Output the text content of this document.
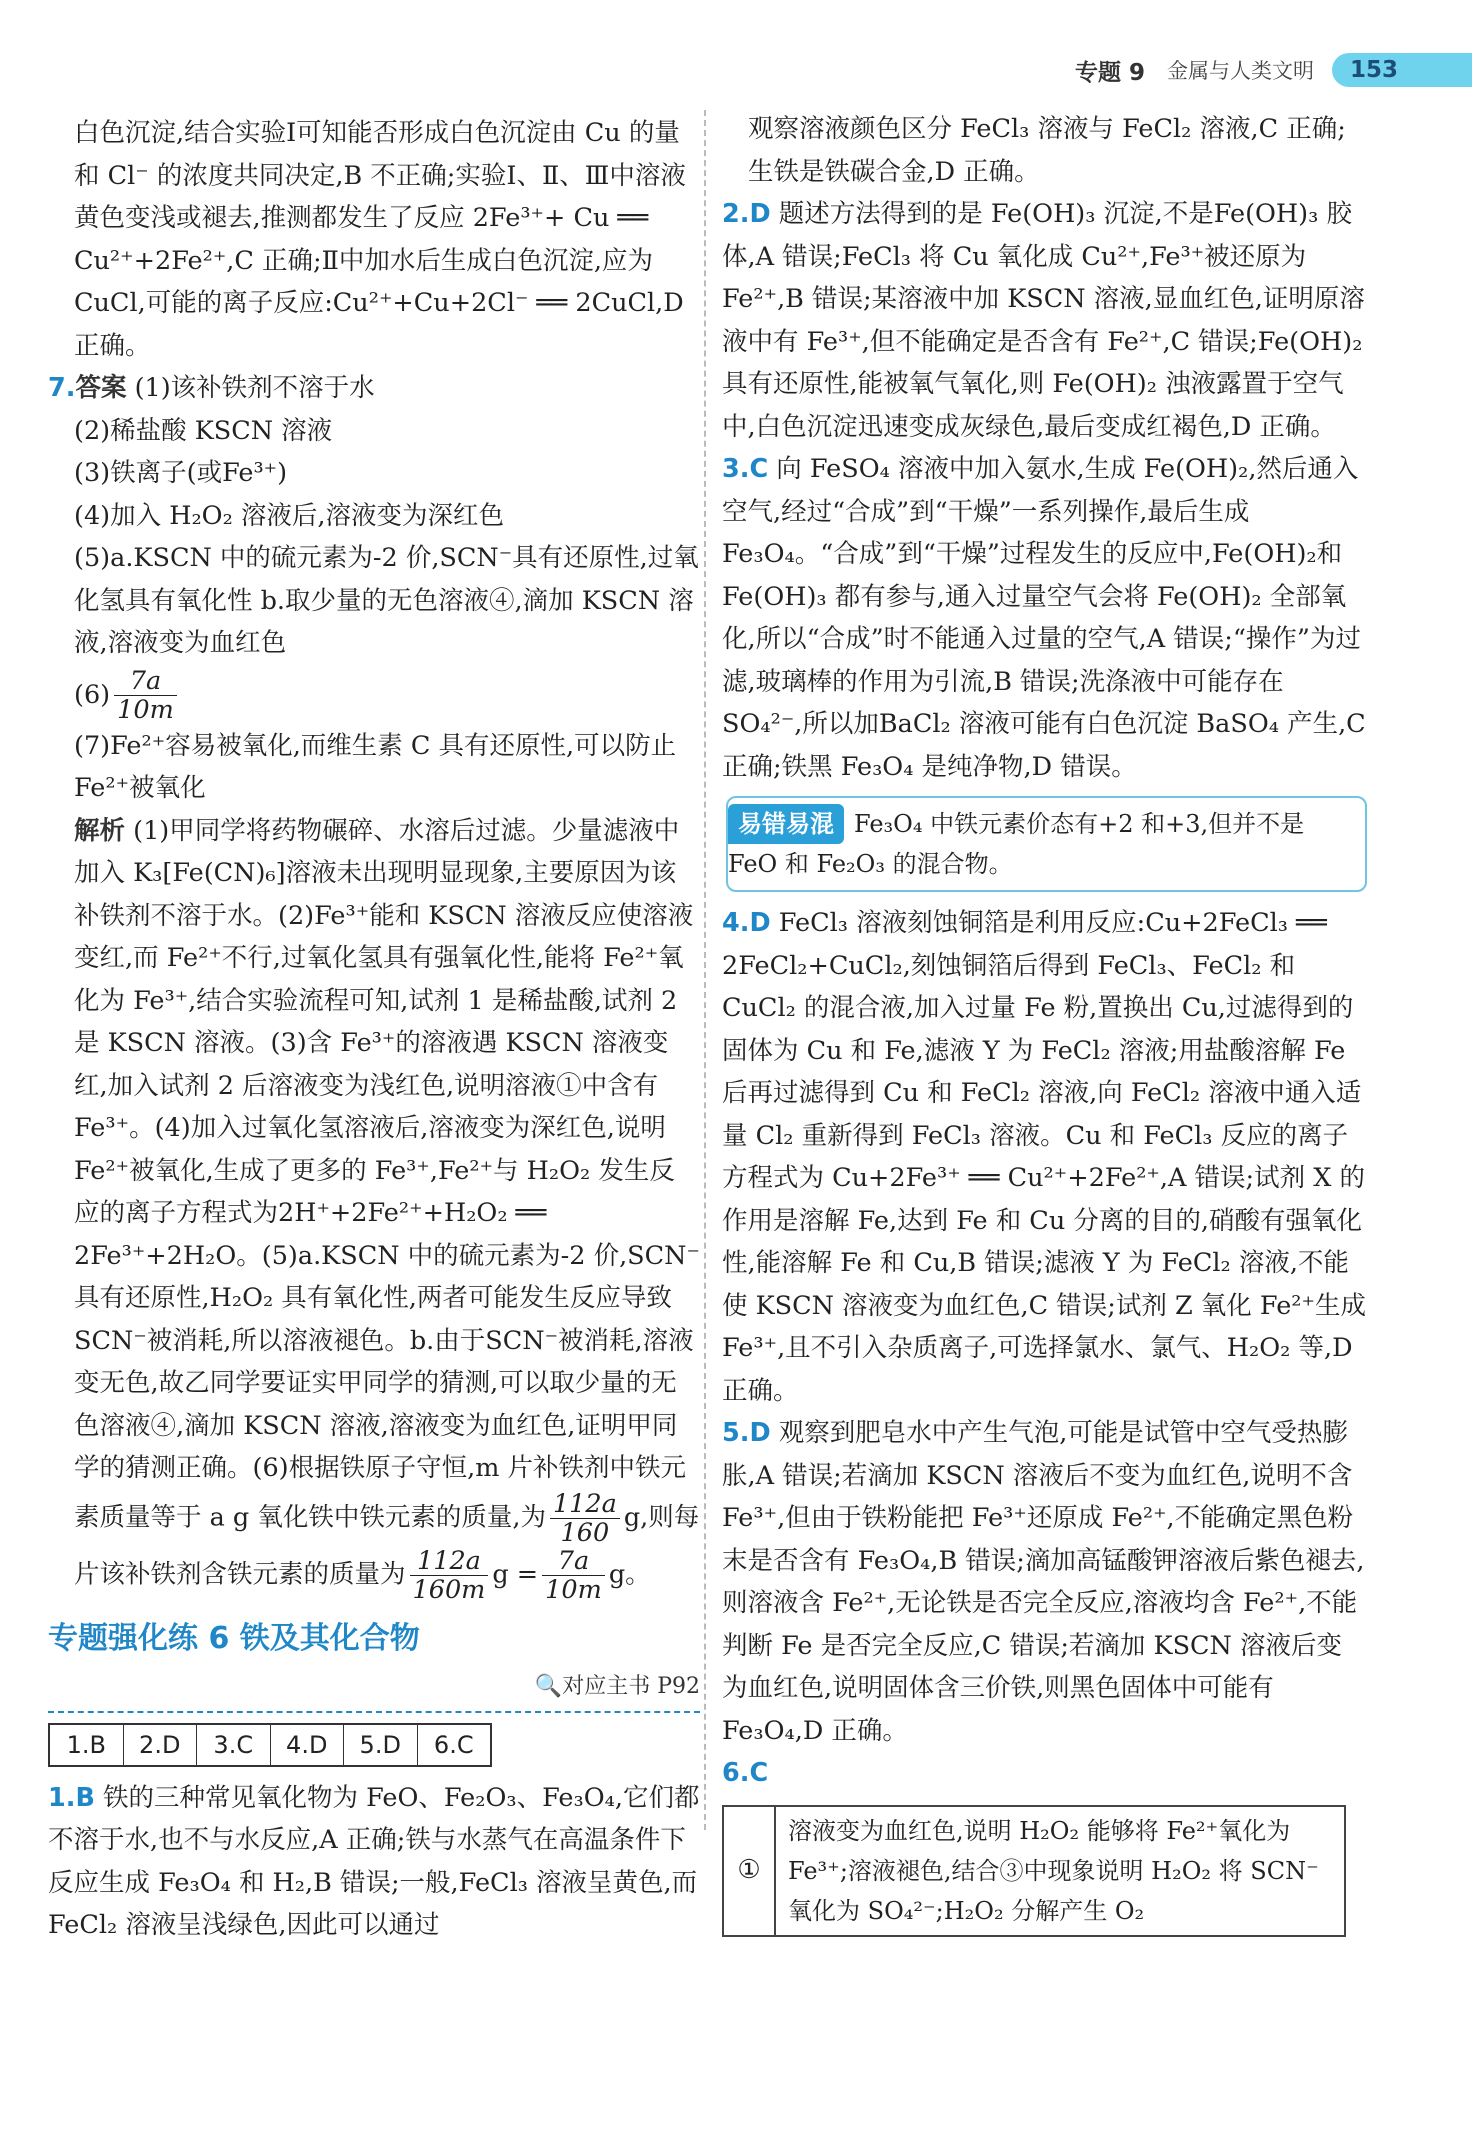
专题 9 金属与人类文明	153

白色沉淀,结合实验Ⅰ可知能否形成白色沉淀由 Cu 的量和 Cl⁻ 的浓度共同决定,B 不正确;实验Ⅰ、Ⅱ、Ⅲ中溶液黄色变浅或褪去,推测都发生了反应 2Fe³⁺+ Cu ══ Cu²⁺+2Fe²⁺,C 正确;Ⅱ中加水后生成白色沉淀,应为 CuCl,可能的离子反应:Cu²⁺+Cu+2Cl⁻ ══ 2CuCl,D 正确。

7.答案 (1)该补铁剂不溶于水

(2)稀盐酸 KSCN 溶液

(3)铁离子(或Fe³⁺)

(4)加入 H₂O₂ 溶液后,溶液变为深红色

(5)a.KSCN 中的硫元素为-2 价,SCN⁻具有还原性,过氧化氢具有氧化性 b.取少量的无色溶液④,滴加 KSCN 溶液,溶液变为血红色

$(6) \frac{7a}{10m}$

(7)Fe²⁺容易被氧化,而维生素 C 具有还原性,可以防止Fe²⁺被氧化

解析 (1)甲同学将药物碾碎、水溶后过滤。少量滤液中加入 K₃[Fe(CN)₆]溶液未出现明显现象,主要原因为该补铁剂不溶于水。(2)Fe³⁺能和 KSCN 溶液反应使溶液变红,而 Fe²⁺不行,过氧化氢具有强氧化性,能将 Fe²⁺氧化为 Fe³⁺,结合实验流程可知,试剂 1 是稀盐酸,试剂 2 是 KSCN 溶液。(3)含 Fe³⁺的溶液遇 KSCN 溶液变红,加入试剂 2 后溶液变为浅红色,说明溶液①中含有 Fe³⁺。(4)加入过氧化氢溶液后,溶液变为深红色,说明 Fe²⁺被氧化,生成了更多的 Fe³⁺,Fe²⁺与 H₂O₂ 发生反应的离子方程式为2H⁺+2Fe²⁺+H₂O₂ ══ 2Fe³⁺+2H₂O。(5)a.KSCN 中的硫元素为-2 价,SCN⁻具有还原性,H₂O₂ 具有氧化性,两者可能发生反应导致SCN⁻被消耗,所以溶液褪色。b.由于SCN⁻被消耗,溶液变无色,故乙同学要证实甲同学的猜测,可以取少量的无色溶液④,滴加 KSCN 溶液,溶液变为血红色,证明甲同学的猜测正确。(6)根据铁原子守恒,m 片补铁剂中铁元素质量等于 a g 氧化铁中铁元素的质量,为 $\frac{112a}{160} g$,则每片该补铁剂含铁元素的质量为 $\frac{112a}{160m}$ $g = \frac{7a}{10m}$ g。

专题强化练 6 铁及其化合物
🔍对应主书 P92
1.B	2.D	3.C	4.D	5.D	6.C

1.B 铁的三种常见氧化物为 FeO、Fe₂O₃、Fe₃O₄,它们都不溶于水,也不与水反应,A 正确;铁与水蒸气在高温条件下反应生成 Fe₃O₄ 和 H₂,B 错误;一般,FeCl₃ 溶液呈黄色,而 FeCl₂ 溶液呈浅绿色,因此可以通过

观察溶液颜色区分 FeCl₃ 溶液与 FeCl₂ 溶液,C 正确;生铁是铁碳合金,D 正确。

2.D 题述方法得到的是 Fe(OH)₃ 沉淀,不是Fe(OH)₃ 胶体,A 错误;FeCl₃ 将 Cu 氧化成 Cu²⁺,Fe³⁺被还原为 Fe²⁺,B 错误;某溶液中加 KSCN 溶液,显血红色,证明原溶液中有 Fe³⁺,但不能确定是否含有 Fe²⁺,C 错误;Fe(OH)₂具有还原性,能被氧气氧化,则 Fe(OH)₂ 浊液露置于空气中,白色沉淀迅速变成灰绿色,最后变成红褐色,D 正确。

3.C 向 FeSO₄ 溶液中加入氨水,生成 Fe(OH)₂,然后通入空气,经过“合成”到“干燥”一系列操作,最后生成 Fe₃O₄。“合成”到“干燥”过程发生的反应中,Fe(OH)₂和 Fe(OH)₃ 都有参与,通入过量空气会将 Fe(OH)₂ 全部氧化,所以“合成”时不能通入过量的空气,A 错误;“操作”为过滤,玻璃棒的作用为引流,B 错误;洗涤液中可能存在 SO₄²⁻,所以加BaCl₂ 溶液可能有白色沉淀 BaSO₄ 产生,C 正确;铁黑 Fe₃O₄ 是纯净物,D 错误。

易错易混 Fe₃O₄ 中铁元素价态有+2 和+3,但并不是 FeO 和 Fe₂O₃ 的混合物。

4.D FeCl₃ 溶液刻蚀铜箔是利用反应:Cu+2FeCl₃ ══ 2FeCl₂+CuCl₂,刻蚀铜箔后得到 FeCl₃、FeCl₂ 和 CuCl₂ 的混合液,加入过量 Fe 粉,置换出 Cu,过滤得到的固体为 Cu 和 Fe,滤液 Y 为 FeCl₂ 溶液;用盐酸溶解 Fe 后再过滤得到 Cu 和 FeCl₂ 溶液,向 FeCl₂ 溶液中通入适量 Cl₂ 重新得到 FeCl₃ 溶液。Cu 和 FeCl₃ 反应的离子方程式为 Cu+2Fe³⁺ ══ Cu²⁺+2Fe²⁺,A 错误;试剂 X 的作用是溶解 Fe,达到 Fe 和 Cu 分离的目的,硝酸有强氧化性,能溶解 Fe 和 Cu,B 错误;滤液 Y 为 FeCl₂ 溶液,不能使 KSCN 溶液变为血红色,C 错误;试剂 Z 氧化 Fe²⁺生成 Fe³⁺,且不引入杂质离子,可选择氯水、氯气、H₂O₂ 等,D 正确。

5.D 观察到肥皂水中产生气泡,可能是试管中空气受热膨胀,A 错误;若滴加 KSCN 溶液后不变为血红色,说明不含 Fe³⁺,但由于铁粉能把 Fe³⁺还原成 Fe²⁺,不能确定黑色粉末是否含有 Fe₃O₄,B 错误;滴加高锰酸钾溶液后紫色褪去,则溶液含 Fe²⁺,无论铁是否完全反应,溶液均含 Fe²⁺,不能判断 Fe 是否完全反应,C 错误;若滴加 KSCN 溶液后变为血红色,说明固体含三价铁,则黑色固体中可能有 Fe₃O₄,D 正确。

6.C

①
溶液变为血红色,说明 H₂O₂ 能够将 Fe²⁺氧化为 Fe³⁺;溶液褪色,结合③中现象说明 H₂O₂ 将 SCN⁻氧化为 SO₄²⁻;H₂O₂ 分解产生 O₂
